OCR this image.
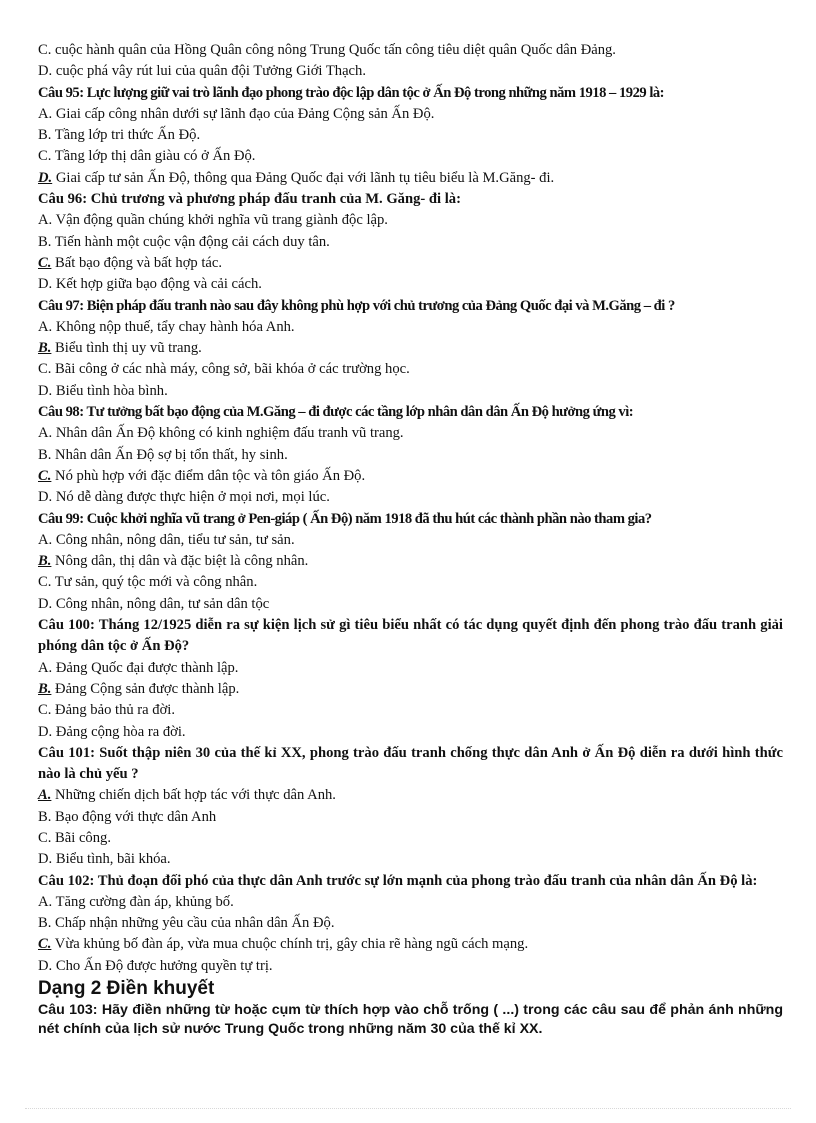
C. cuộc hành quân của Hồng Quân công nông Trung Quốc tấn công tiêu diệt quân Quốc dân Đảng.
D. cuộc phá vây rút lui của quân đội Tưởng Giới Thạch.
Câu 95: Lực lượng giữ vai trò lãnh đạo phong trào độc lập dân tộc ở Ấn Độ trong những năm 1918 – 1929 là:
A. Giai cấp công nhân dưới sự lãnh đạo của Đảng Cộng sản Ấn Độ.
B. Tầng lớp tri thức Ấn Độ.
C. Tầng lớp thị dân giàu có ở Ấn Độ.
D. Giai cấp tư sản Ấn Độ, thông qua Đảng Quốc đại với lãnh tụ tiêu biểu là M.Găng- đi.
Câu 96: Chủ trương và phương pháp đấu tranh của M. Găng- đi là:
A. Vận động quần chúng khởi nghĩa vũ trang giành độc lập.
B. Tiến hành một cuộc vận động cải cách duy tân.
C. Bất bạo động và bất hợp tác.
D. Kết hợp giữa bạo động và cải cách.
Câu 97: Biện pháp đấu tranh nào sau đây không phù hợp với chủ trương của Đảng Quốc đại và M.Găng – đi ?
A. Không nộp thuế, tẩy chay hành hóa Anh.
B. Biểu tình thị uy vũ trang.
C. Bãi công ở các nhà máy, công sở, bãi khóa ở các trường học.
D. Biểu tình hòa bình.
Câu 98: Tư tưởng bất bạo động của M.Găng – đi được các tầng lớp nhân dân dân Ấn Độ hưởng ứng vì:
A. Nhân dân Ấn Độ không có kinh nghiệm đấu tranh vũ trang.
B. Nhân dân Ấn Độ sợ bị tổn thất, hy sinh.
C. Nó phù hợp với đặc điểm dân tộc và tôn giáo Ấn Độ.
D. Nó dễ dàng được thực hiện ở mọi nơi, mọi lúc.
Câu 99: Cuộc khởi nghĩa vũ trang ở Pen-giáp ( Ấn Độ) năm 1918 đã thu hút các thành phần nào tham gia?
A. Công nhân, nông dân, tiểu tư sản, tư sản.
B. Nông dân, thị dân và đặc biệt là công nhân.
C. Tư sản, quý tộc mới và công nhân.
D. Công nhân, nông dân, tư sản dân tộc
Câu 100: Tháng 12/1925 diễn ra sự kiện lịch sử gì tiêu biểu nhất có tác dụng quyết định đến phong trào đấu tranh giải phóng dân tộc ở Ấn Độ?
A. Đảng Quốc đại được thành lập.
B. Đảng Cộng sản được thành lập.
C. Đảng bảo thủ ra đời.
D. Đảng cộng hòa ra đời.
Câu 101: Suốt thập niên 30 của thế kỉ XX, phong trào đấu tranh chống thực dân Anh ở Ấn Độ diễn ra dưới hình thức nào là chủ yếu ?
A. Những chiến dịch bất hợp tác với thực dân Anh.
B. Bạo động với thực dân Anh
C. Bãi công.
D. Biểu tình, bãi khóa.
Câu 102: Thủ đoạn đối phó của thực dân Anh trước sự lớn mạnh của phong trào đấu tranh của nhân dân Ấn Độ là:
A. Tăng cường đàn áp, khủng bố.
B. Chấp nhận những yêu cầu của nhân dân Ấn Độ.
C. Vừa khủng bố đàn áp, vừa mua chuộc chính trị, gây chia rẽ hàng ngũ cách mạng.
D. Cho Ấn Độ được hưởng quyền tự trị.
Dạng 2 Điền khuyết
Câu 103: Hãy điền những từ hoặc cụm từ thích hợp vào chỗ trống ( ...) trong các câu sau để phản ánh những nét chính của lịch sử nước Trung Quốc trong những năm 30 của thế kỉ XX.
